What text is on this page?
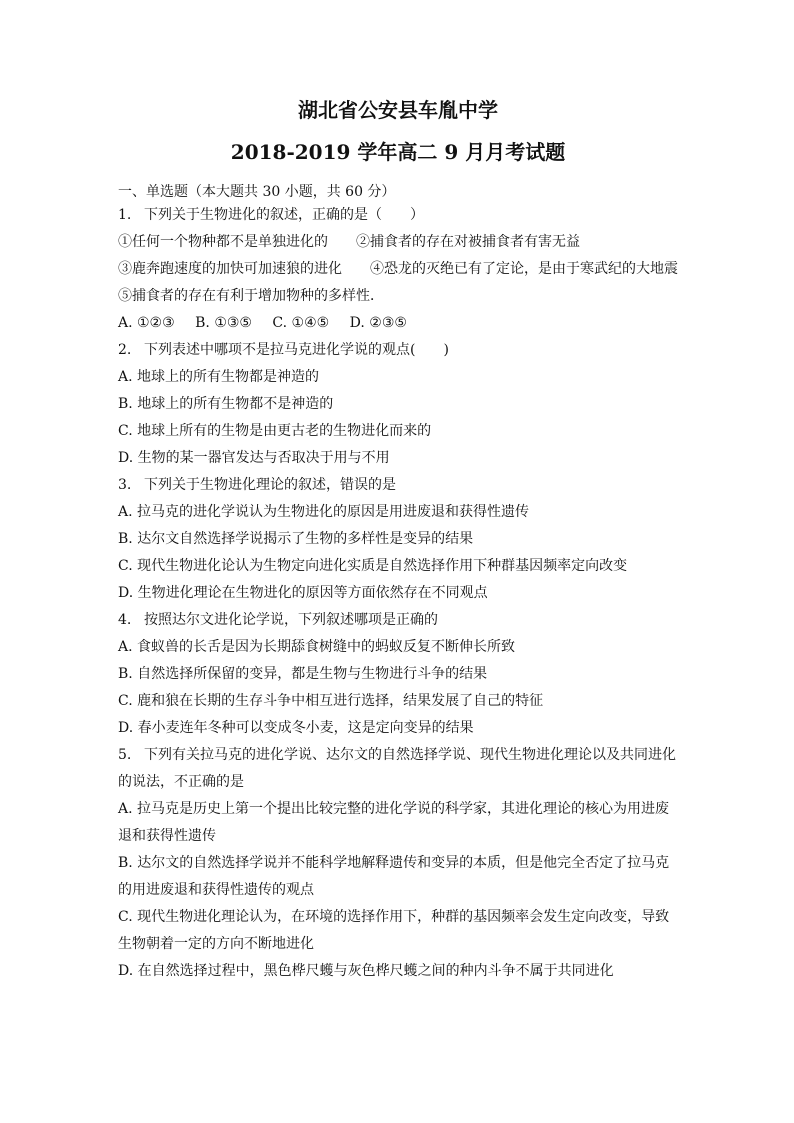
湖北省公安县车胤中学
2018-2019 学年高二 9 月月考试题
一、单选题（本大题共 30 小题，共 60 分）
1. 下列关于生物进化的叙述，正确的是（　　）
①任何一个物种都不是单独进化的　　②捕食者的存在对被捕食者有害无益
③鹿奔跑速度的加快可加速狼的进化　　④恐龙的灭绝已有了定论，是由于寒武纪的大地震
⑤捕食者的存在有利于增加物种的多样性．
A. ①②③ B. ①③⑤ C. ①④⑤ D. ②③⑤
2. 下列表述中哪项不是拉马克进化学说的观点(　　)
A. 地球上的所有生物都是神造的
B. 地球上的所有生物都不是神造的
C. 地球上所有的生物是由更古老的生物进化而来的
D. 生物的某一器官发达与否取决于用与不用
3. 下列关于生物进化理论的叙述，错误的是
A. 拉马克的进化学说认为生物进化的原因是用进废退和获得性遗传
B. 达尔文自然选择学说揭示了生物的多样性是变异的结果
C. 现代生物进化论认为生物定向进化实质是自然选择作用下种群基因频率定向改变
D. 生物进化理论在生物进化的原因等方面依然存在不同观点
4. 按照达尔文进化论学说，下列叙述哪项是正确的
A. 食蚁兽的长舌是因为长期舔食树缝中的蚂蚁反复不断伸长所致
B. 自然选择所保留的变异，都是生物与生物进行斗争的结果
C. 鹿和狼在长期的生存斗争中相互进行选择，结果发展了自己的特征
D. 春小麦连年冬种可以变成冬小麦，这是定向变异的结果
5. 下列有关拉马克的进化学说、达尔文的自然选择学说、现代生物进化理论以及共同进化
的说法，不正确的是
A. 拉马克是历史上第一个提出比较完整的进化学说的科学家，其进化理论的核心为用进废
退和获得性遗传
B. 达尔文的自然选择学说并不能科学地解释遗传和变异的本质，但是他完全否定了拉马克
的用进废退和获得性遗传的观点
C. 现代生物进化理论认为，在环境的选择作用下，种群的基因频率会发生定向改变，导致
生物朝着一定的方向不断地进化
D. 在自然选择过程中，黑色桦尺蠖与灰色桦尺蠖之间的种内斗争不属于共同进化
